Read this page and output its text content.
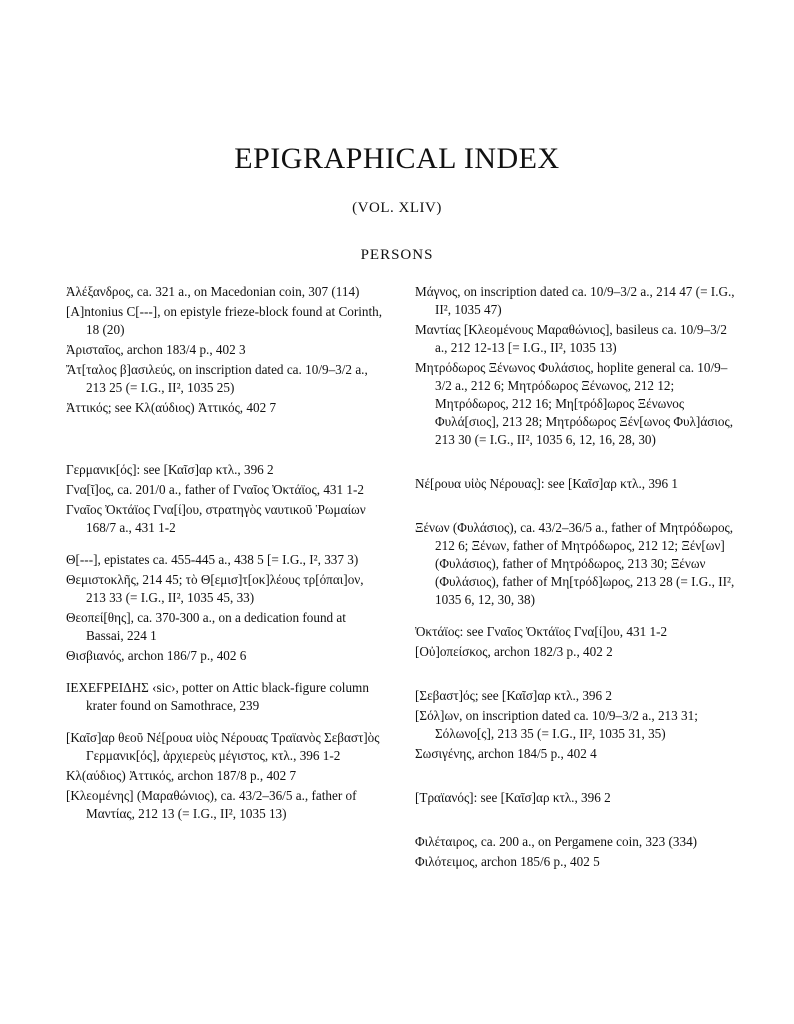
EPIGRAPHICAL INDEX
(VOL. XLIV)
PERSONS

Ἀλέξανδρος, ca. 321 a., on Macedonian coin, 307 (114)

[A]ntonius C[---], on epistyle frieze-block found at Corinth, 18 (20)

Ἀρισταῖος, archon 183/4 p., 402 3

Ἄτ[ταλος β]ασιλεύς, on inscription dated ca. 10/9–3/2 a., 213 25 (= I.G., II², 1035 25)

Ἀττικός; see Κλ(αύδιος) Ἀττικός, 402 7

Γερμανικ[ός]: see [Καῖσ]αρ κτλ., 396 2

Γνα[ῖ]ος, ca. 201/0 a., father of Γναῖος Ὀκτάϊος, 431 1-2

Γναῖος Ὀκτάϊος Γνα[ί]ου, στρατηγὸς ναυτικοῦ Ῥωμαίων 168/7 a., 431 1-2

Θ[---], epistates ca. 455-445 a., 438 5 [= I.G., I², 337 3)

Θεμιστοκλῆς, 214 45; τὸ Θ[εμισ]τ[οκ]λέους τρ[όπαι]ον, 213 33 (= I.G., II², 1035 45, 33)

Θεοπεί[θης], ca. 370-300 a., on a dedication found at Bassai, 224 1

Θισβιανός, archon 186/7 p., 402 6

ΙΕΧΕϜΡΕΙΔΗΣ ‹sic›, potter on Attic black-figure column krater found on Samothrace, 239

[Καῖσ]αρ θεοῦ Νέ[ρουα υἱὸς Νέρουας Τραϊανὸς Σεβαστ]ὸς Γερμανικ[ός], ἀρχιερεὺς μέγιστος, κτλ., 396 1-2

Κλ(αύδιος) Ἀττικός, archon 187/8 p., 402 7

[Κλεομένης] (Μαραθώνιος), ca. 43/2–36/5 a., father of Μαντίας, 212 13 (= I.G., II², 1035 13)

Μάγνος, on inscription dated ca. 10/9–3/2 a., 214 47 (= I.G., II², 1035 47)

Μαντίας [Κλεομένους Μαραθώνιος], basileus ca. 10/9–3/2 a., 212 12-13 [= I.G., II², 1035 13)

Μητρόδωρος Ξένωνος Φυλάσιος, hoplite general ca. 10/9–3/2 a., 212 6; Μητρόδωρος Ξένωνος, 212 12; Μητρόδωρος, 212 16; Μη[τρόδ]ωρος Ξένωνος Φυλά[σιος], 213 28; Μητρόδωρος Ξέν[ωνος Φυλ]άσιος, 213 30 (= I.G., II², 1035 6, 12, 16, 28, 30)

Νέ[ρουα υἱὸς Νέρουας]: see [Καῖσ]αρ κτλ., 396 1

Ξένων (Φυλάσιος), ca. 43/2–36/5 a., father of Μητρόδωρος, 212 6; Ξένων, father of Μητρόδωρος, 212 12; Ξέν[ων] (Φυλάσιος), father of Μητρόδωρος, 213 30; Ξένων (Φυλάσιος), father of Μη[τρόδ]ωρος, 213 28 (= I.G., II², 1035 6, 12, 30, 38)

Ὀκτάϊος: see Γναῖος Ὀκτάϊος Γνα[ί]ου, 431 1-2

[Οὐ]οπείσκος, archon 182/3 p., 402 2

[Σεβαστ]ός; see [Καῖσ]αρ κτλ., 396 2

[Σόλ]ων, on inscription dated ca. 10/9–3/2 a., 213 31; Σόλωνο[ς], 213 35 (= I.G., II², 1035 31, 35)

Σωσιγένης, archon 184/5 p., 402 4

[Τραϊανός]: see [Καῖσ]αρ κτλ., 396 2

Φιλέταιρος, ca. 200 a., on Pergamene coin, 323 (334)

Φιλότειμος, archon 185/6 p., 402 5
